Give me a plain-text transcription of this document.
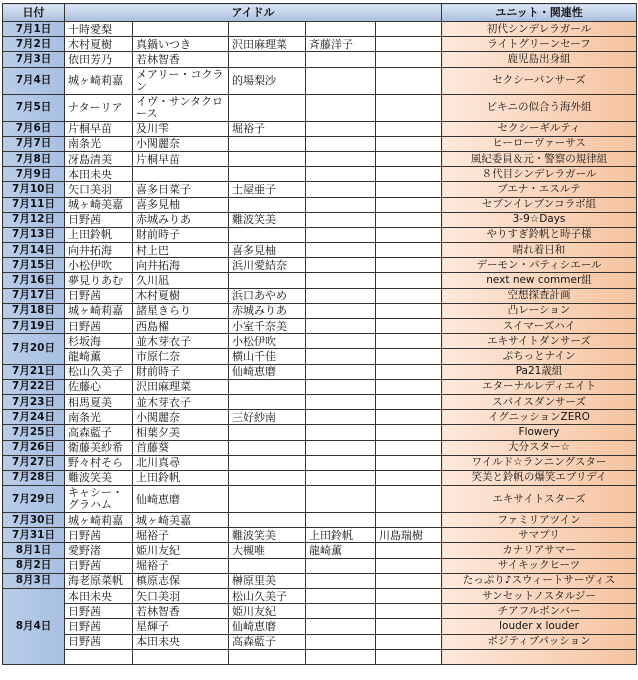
日付	アイドル					ユニット・関連性
7月1日	十時愛梨					初代シンデレラガール
7月2日	木村夏樹	真鍋いつき	沢田麻理菜	斉藤洋子		ライトグリーンセーフ
7月3日	依田芳乃	若林智香				鹿児島出身組
7月4日	城ヶ崎莉嘉	メアリー・コクラン	的場梨沙			セクシーパンサーズ
7月5日	ナターリア	イヴ・サンタクロース				ビキニの似合う海外組
7月6日	片桐早苗	及川雫	堀裕子			セクシーギルティ
7月7日	南条光	小関麗奈				ヒーローヴァーサス
7月8日	冴島清美	片桐早苗				風紀委員＆元・警察の規律組
7月9日	本田未央					８代目シンデレラガール
7月10日	矢口美羽	喜多日菜子	土屋亜子			ブエナ・エスルテ
7月11日	城ヶ崎美嘉	喜多見柚				セブンイレブンコラボ組
7月12日	日野茜	赤城みりあ	難波笑美			3-9☆Days
7月13日	上田鈴帆	財前時子				やりすぎ鈴帆と時子様
7月14日	向井拓海	村上巴	喜多見柚			晴れ着日和
7月15日	小松伊吹	向井拓海	浜川愛結奈			デーモン・パティシエール
7月16日	夢見りあむ	久川凪				next new commer組
7月17日	日野茜	木村夏樹	浜口あやめ			空想探査計画
7月18日	城ヶ崎莉嘉	諸星きらり	赤城みりあ			凸レーション
7月19日	日野茜	西島櫂	小室千奈美			スイマーズハイ
7月20日	杉坂海	並木芽衣子	小松伊吹			エキサイトダンサーズ
	龍崎薫	市原仁奈	横山千佳			ぷちっとナイン
7月21日	松山久美子	財前時子	仙崎恵磨			Pa21歳組
7月22日	佐藤心	沢田麻理菜				エターナルレディエイト
7月23日	相馬夏美	並木芽衣子				スパイスダンサーズ
7月24日	南条光	小関麗奈	三好紗南			イグニッションZERO
7月25日	高森藍子	相葉夕美				Flowery
7月26日	衛藤美紗希	首藤葵				大分スター☆
7月27日	野々村そら	北川真尋				ワイルド☆ランニングスター
7月28日	難波笑美	上田鈴帆				笑美と鈴帆の爆笑エブリデイ
7月29日	キャシー・グラハム	仙崎恵磨				エキサイトスターズ
7月30日	城ヶ崎莉嘉	城ヶ崎美嘉				ファミリアツイン
7月31日	日野茜	堀裕子	難波笑美	上田鈴帆	川島瑞樹	サマプリ
8月1日	愛野渚	姫川友紀	大槻唯	龍崎薫		カナリアサマー
8月2日	日野茜	堀裕子				サイキックヒーツ
8月3日	海老原菜帆	槙原志保	榊原里美			たっぷり♪スウィートサーヴィス
8月4日	本田未央	矢口美羽	松山久美子			サンセットノスタルジー
	日野茜	若林智香	姫川友紀			チアフルボンバー
	日野茜	星輝子	仙崎恵磨			louder x louder
	日野茜	本田未央	高森藍子			ポジティブパッション
